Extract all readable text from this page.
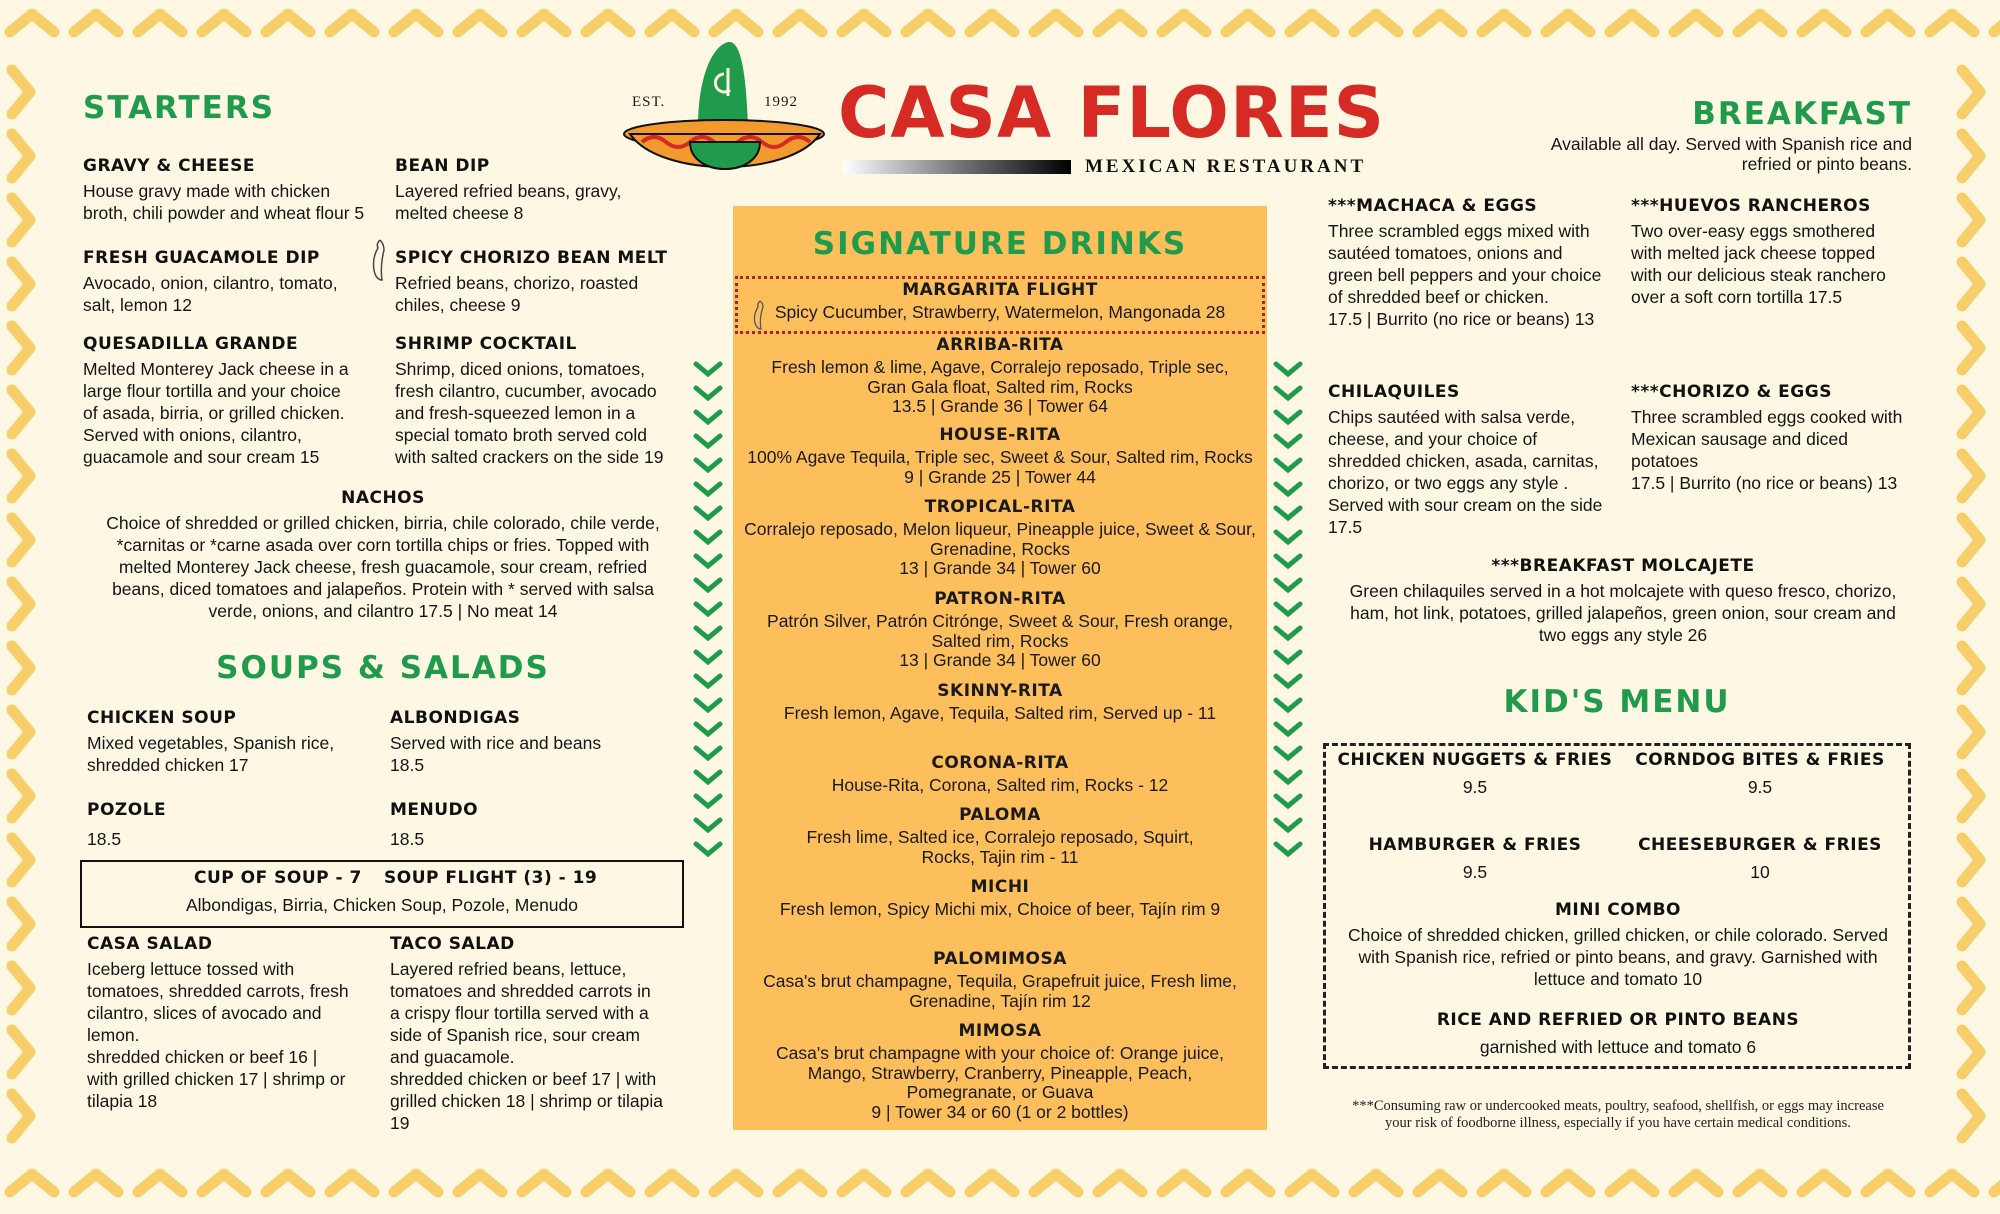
EST.	1992 CASA FLORES
MEXICAN RESTAURANT
STARTERS
GRAVY & CHEESE
House gravy made with chicken
broth, chili powder and wheat flour 5
BEAN DIP
Layered refried beans, gravy,
melted cheese 8
FRESH GUACAMOLE DIP
Avocado, onion, cilantro, tomato,
salt, lemon 12
SPICY CHORIZO BEAN MELT
Refried beans, chorizo, roasted
chiles, cheese 9
QUESADILLA GRANDE
Melted Monterey Jack cheese in a
large flour tortilla and your choice
of asada, birria, or grilled chicken.
Served with onions, cilantro,
guacamole and sour cream 15
SHRIMP COCKTAIL
Shrimp, diced onions, tomatoes,
fresh cilantro, cucumber, avocado
and fresh-squeezed lemon in a
special tomato broth served cold
with salted crackers on the side 19
NACHOS
Choice of shredded or grilled chicken, birria, chile colorado, chile verde,
*carnitas or *carne asada over corn tortilla chips or fries. Topped with
melted Monterey Jack cheese, fresh guacamole, sour cream, refried
beans, diced tomatoes and jalapeños. Protein with * served with salsa
verde, onions, and cilantro 17.5 | No meat 14
SOUPS & SALADS
CHICKEN SOUP
Mixed vegetables, Spanish rice,
shredded chicken 17
ALBONDIGAS
Served with rice and beans
18.5
POZOLE
18.5
MENUDO
18.5
CUP OF SOUP - 7 SOUP FLIGHT (3) - 19
Albondigas, Birria, Chicken Soup, Pozole, Menudo
CASA SALAD
Iceberg lettuce tossed with
tomatoes, shredded carrots, fresh
cilantro, slices of avocado and
lemon.
shredded chicken or beef 16 |
with grilled chicken 17 | shrimp or
tilapia 18
TACO SALAD
Layered refried beans, lettuce,
tomatoes and shredded carrots in
a crispy flour tortilla served with a
side of Spanish rice, sour cream
and guacamole.
shredded chicken or beef 17 | with
grilled chicken 18 | shrimp or tilapia
19
SIGNATURE DRINKS
MARGARITA FLIGHT
Spicy Cucumber, Strawberry, Watermelon, Mangonada 28
ARRIBA-RITA
Fresh lemon & lime, Agave, Corralejo reposado, Triple sec,
Gran Gala float, Salted rim, Rocks
13.5 | Grande 36 | Tower 64
HOUSE-RITA
100% Agave Tequila, Triple sec, Sweet & Sour, Salted rim, Rocks
9 | Grande 25 | Tower 44
TROPICAL-RITA
Corralejo reposado, Melon liqueur, Pineapple juice, Sweet & Sour,
Grenadine, Rocks
13 | Grande 34 | Tower 60
PATRON-RITA
Patrón Silver, Patrón Citrónge, Sweet & Sour, Fresh orange,
Salted rim, Rocks
13 | Grande 34 | Tower 60
SKINNY-RITA
Fresh lemon, Agave, Tequila, Salted rim, Served up - 11
CORONA-RITA
House-Rita, Corona, Salted rim, Rocks - 12
PALOMA
Fresh lime, Salted ice, Corralejo reposado, Squirt,
Rocks, Tajin rim - 11
MICHI
Fresh lemon, Spicy Michi mix, Choice of beer, Tajín rim 9
PALOMIMOSA
Casa's brut champagne, Tequila, Grapefruit juice, Fresh lime,
Grenadine, Tajín rim 12
MIMOSA
Casa's brut champagne with your choice of: Orange juice,
Mango, Strawberry, Cranberry, Pineapple, Peach,
Pomegranate, or Guava
9 | Tower 34 or 60 (1 or 2 bottles)
BREAKFAST
Available all day. Served with Spanish rice and
refried or pinto beans.
***MACHACA & EGGS
Three scrambled eggs mixed with
sautéed tomatoes, onions and
green bell peppers and your choice
of shredded beef or chicken.
17.5 | Burrito (no rice or beans) 13
***HUEVOS RANCHEROS
Two over-easy eggs smothered
with melted jack cheese topped
with our delicious steak ranchero
over a soft corn tortilla 17.5
CHILAQUILES
Chips sautéed with salsa verde,
cheese, and your choice of
shredded chicken, asada, carnitas,
chorizo, or two eggs any style .
Served with sour cream on the side
17.5
***CHORIZO & EGGS
Three scrambled eggs cooked with
Mexican sausage and diced
potatoes
17.5 | Burrito (no rice or beans) 13
***BREAKFAST MOLCAJETE
Green chilaquiles served in a hot molcajete with queso fresco, chorizo,
ham, hot link, potatoes, grilled jalapeños, green onion, sour cream and
two eggs any style 26
KID'S MENU
CHICKEN NUGGETS & FRIES
9.5
CORNDOG BITES & FRIES
9.5
HAMBURGER & FRIES
9.5
CHEESEBURGER & FRIES
10
MINI COMBO
Choice of shredded chicken, grilled chicken, or chile colorado. Served
with Spanish rice, refried or pinto beans, and gravy. Garnished with
lettuce and tomato 10
RICE AND REFRIED OR PINTO BEANS
garnished with lettuce and tomato 6
***Consuming raw or undercooked meats, poultry, seafood, shellfish, or eggs may increase
your risk of foodborne illness, especially if you have certain medical conditions.
